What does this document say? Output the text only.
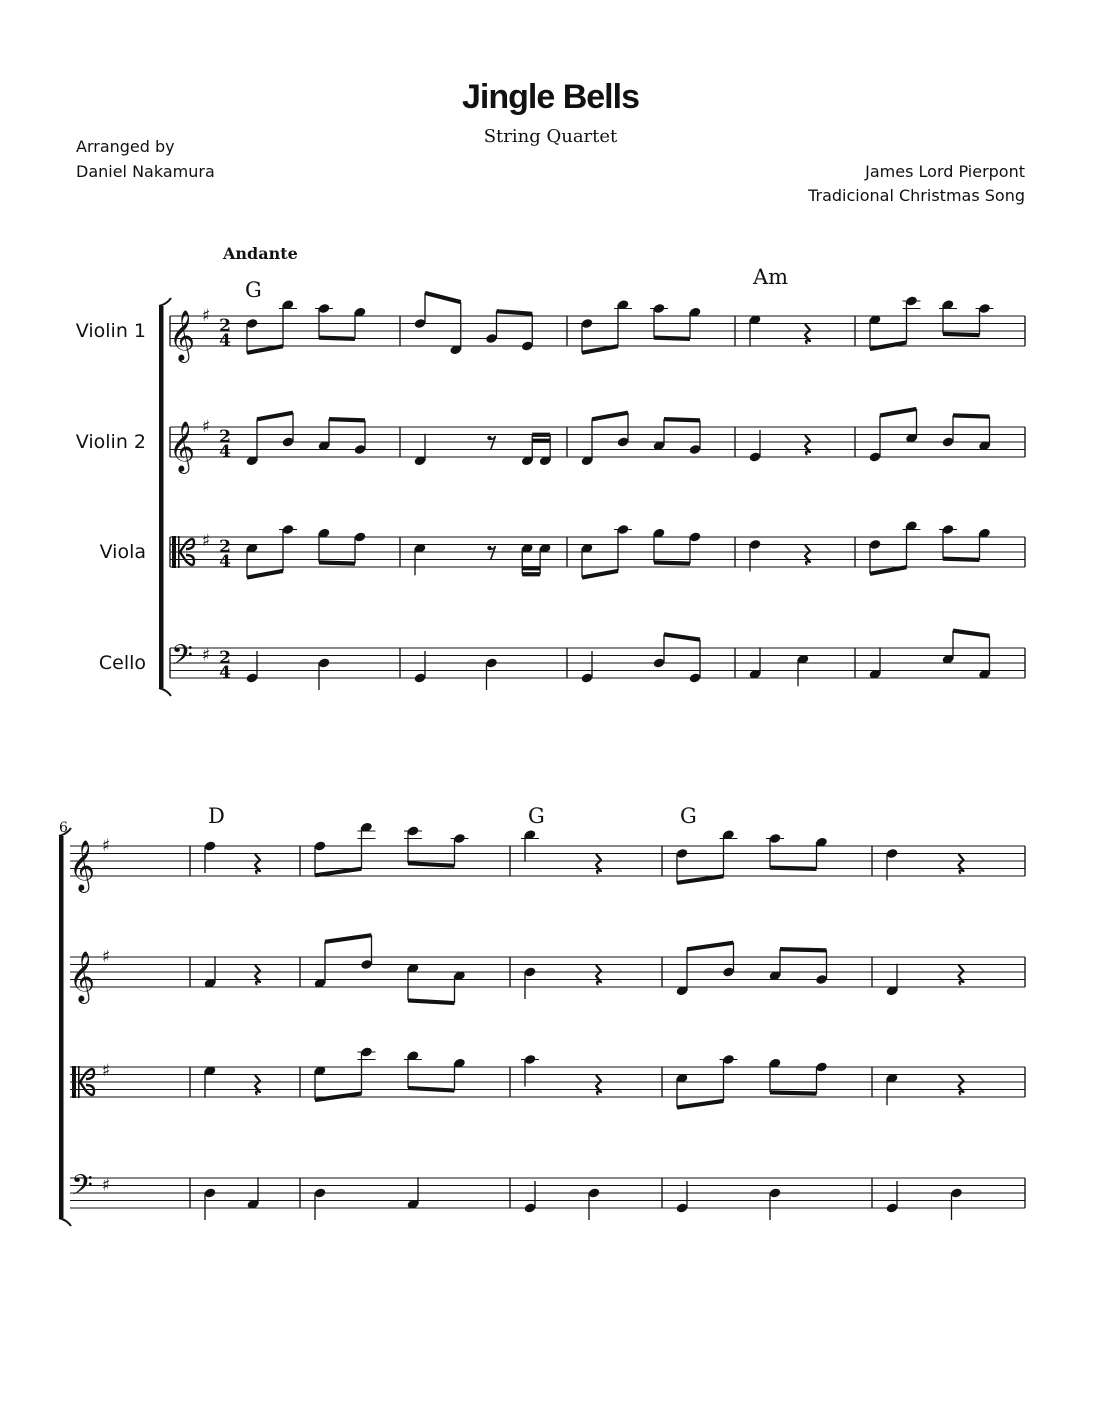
Jingle Bells
String Quartet
Arranged by
Daniel Nakamura	James Lord Pierpont
Tradicional Christmas Song
Andante
G
Am
Violin 1 𝄞 ♯ 2
4
Violin 2 𝄞 ♯ 2
4
Viola
♯ 2
4
Cello 𝄢 ♯ 2
4
6	D	G	G
𝄞 ♯
𝄞 ♯
♯
𝄢 ♯
